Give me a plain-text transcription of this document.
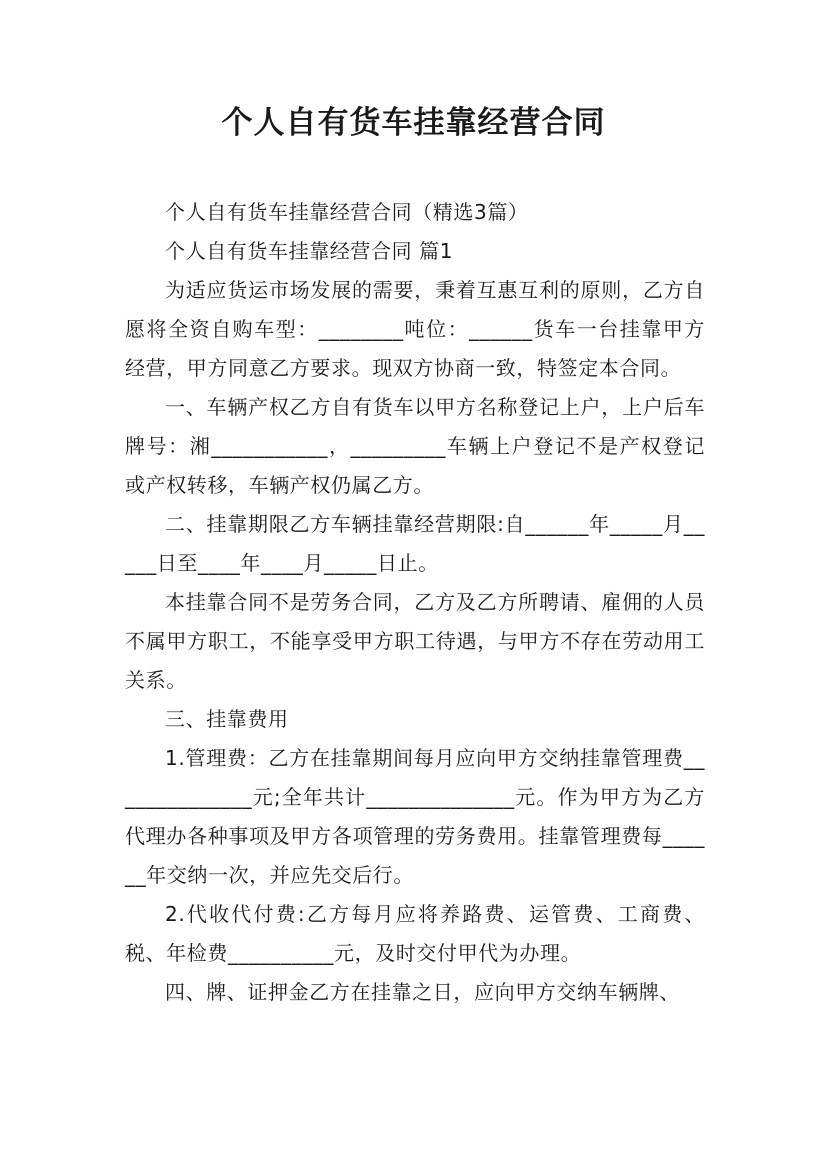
个人自有货车挂靠经营合同

个人自有货车挂靠经营合同（精选3篇）

个人自有货车挂靠经营合同 篇1

为适应货运市场发展的需要，秉着互惠互利的原则，乙方自愿将全资自购车型：________吨位：______货车一台挂靠甲方经营，甲方同意乙方要求。现双方协商一致，特签定本合同。

一、车辆产权乙方自有货车以甲方名称登记上户，上户后车牌号：湘___________，_________车辆上户登记不是产权登记或产权转移，车辆产权仍属乙方。

二、挂靠期限乙方车辆挂靠经营期限:自______年_____月_____日至____年____月_____日止。

本挂靠合同不是劳务合同，乙方及乙方所聘请、雇佣的人员不属甲方职工，不能享受甲方职工待遇，与甲方不存在劳动用工关系。

三、挂靠费用

1.管理费：乙方在挂靠期间每月应向甲方交纳挂靠管理费______________元;全年共计______________元。作为甲方为乙方代理办各种事项及甲方各项管理的劳务费用。挂靠管理费每______年交纳一次，并应先交后行。

2.代收代付费:乙方每月应将养路费、运管费、工商费、税、年检费__________元，及时交付甲代为办理。

四、牌、证押金乙方在挂靠之日，应向甲方交纳车辆牌、
